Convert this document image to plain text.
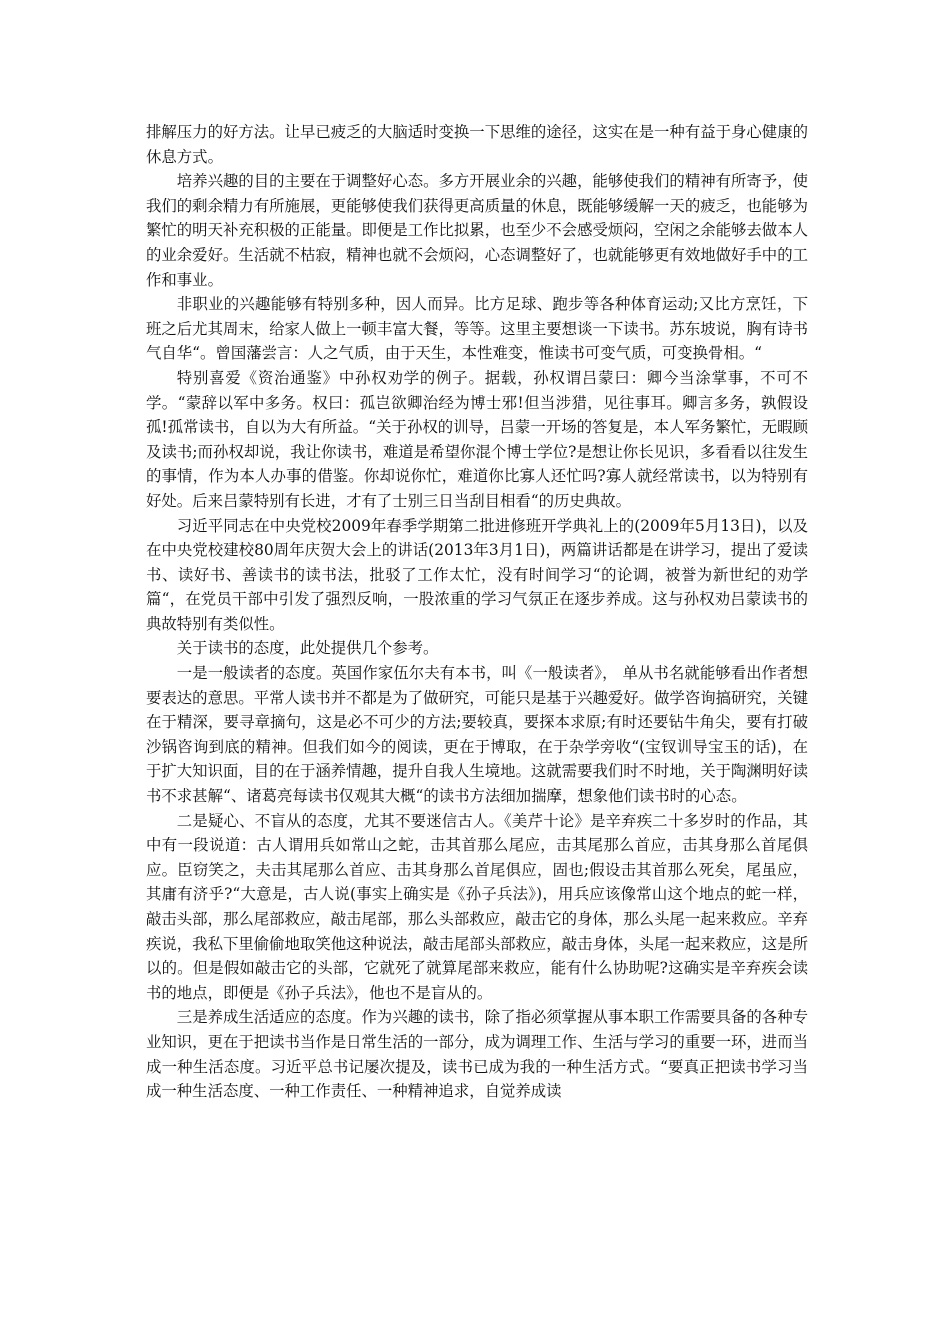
排解压力的好方法。让早已疲乏的大脑适时变换一下思维的途径，这实在是一种有益于身心健康的休息方式。

培养兴趣的目的主要在于调整好心态。多方开展业余的兴趣，能够使我们的精神有所寄予，使我们的剩余精力有所施展，更能够使我们获得更高质量的休息，既能够缓解一天的疲乏，也能够为繁忙的明天补充积极的正能量。即便是工作比拟累，也至少不会感受烦闷，空闲之余能够去做本人的业余爱好。生活就不枯寂，精神也就不会烦闷，心态调整好了，也就能够更有效地做好手中的工作和事业。

非职业的兴趣能够有特别多种，因人而异。比方足球、跑步等各种体育运动;又比方烹饪，下班之后尤其周末，给家人做上一顿丰富大餐，等等。这里主要想谈一下读书。苏东坡说，胸有诗书气自华“。曾国藩尝言：人之气质，由于天生，本性难变，惟读书可变气质，可变换骨相。“

特别喜爱《资治通鉴》中孙权劝学的例子。据载，孙权谓吕蒙曰：卿今当涂掌事，不可不学。“蒙辞以军中多务。权曰：孤岂欲卿治经为博士邪!但当涉猎，见往事耳。卿言多务，孰假设孤!孤常读书，自以为大有所益。“关于孙权的训导，吕蒙一开场的答复是，本人军务繁忙，无暇顾及读书;而孙权却说，我让你读书，难道是希望你混个博士学位?是想让你长见识，多看看以往发生的事情，作为本人办事的借鉴。你却说你忙，难道你比寡人还忙吗?寡人就经常读书，以为特别有好处。后来吕蒙特别有长进，才有了士别三日当刮目相看“的历史典故。

习近平同志在中央党校2009年春季学期第二批进修班开学典礼上的(2009年5月13日)，以及在中央党校建校80周年庆贺大会上的讲话(2013年3月1日)，两篇讲话都是在讲学习，提出了爱读书、读好书、善读书的读书法，批驳了工作太忙，没有时间学习“的论调，被誉为新世纪的劝学篇“，在党员干部中引发了强烈反响，一股浓重的学习气氛正在逐步养成。这与孙权劝吕蒙读书的典故特别有类似性。

关于读书的态度，此处提供几个参考。

一是一般读者的态度。英国作家伍尔夫有本书，叫《一般读者》， 单从书名就能够看出作者想要表达的意思。平常人读书并不都是为了做研究，可能只是基于兴趣爱好。做学咨询搞研究，关键在于精深，要寻章摘句，这是必不可少的方法;要较真，要探本求原;有时还要钻牛角尖，要有打破沙锅咨询到底的精神。但我们如今的阅读，更在于博取，在于杂学旁收“(宝钗训导宝玉的话)，在于扩大知识面，目的在于涵养情趣，提升自我人生境地。这就需要我们时不时地，关于陶渊明好读书不求甚解“、诸葛亮每读书仅观其大概“的读书方法细加揣摩，想象他们读书时的心态。

二是疑心、不盲从的态度，尤其不要迷信古人。《美芹十论》是辛弃疾二十多岁时的作品，其中有一段说道：古人谓用兵如常山之蛇，击其首那么尾应，击其尾那么首应，击其身那么首尾俱应。臣窃笑之，夫击其尾那么首应、击其身那么首尾俱应，固也;假设击其首那么死矣，尾虽应，其庸有济乎?“大意是，古人说(事实上确实是《孙子兵法》)，用兵应该像常山这个地点的蛇一样，敲击头部，那么尾部救应，敲击尾部，那么头部救应，敲击它的身体，那么头尾一起来救应。辛弃疾说，我私下里偷偷地取笑他这种说法，敲击尾部头部救应，敲击身体，头尾一起来救应，这是所以的。但是假如敲击它的头部，它就死了就算尾部来救应，能有什么协助呢?这确实是辛弃疾会读书的地点，即便是《孙子兵法》，他也不是盲从的。

三是养成生活适应的态度。作为兴趣的读书，除了指必须掌握从事本职工作需要具备的各种专业知识，更在于把读书当作是日常生活的一部分，成为调理工作、生活与学习的重要一环，进而当成一种生活态度。习近平总书记屡次提及，读书已成为我的一种生活方式。“要真正把读书学习当成一种生活态度、一种工作责任、一种精神追求，自觉养成读
